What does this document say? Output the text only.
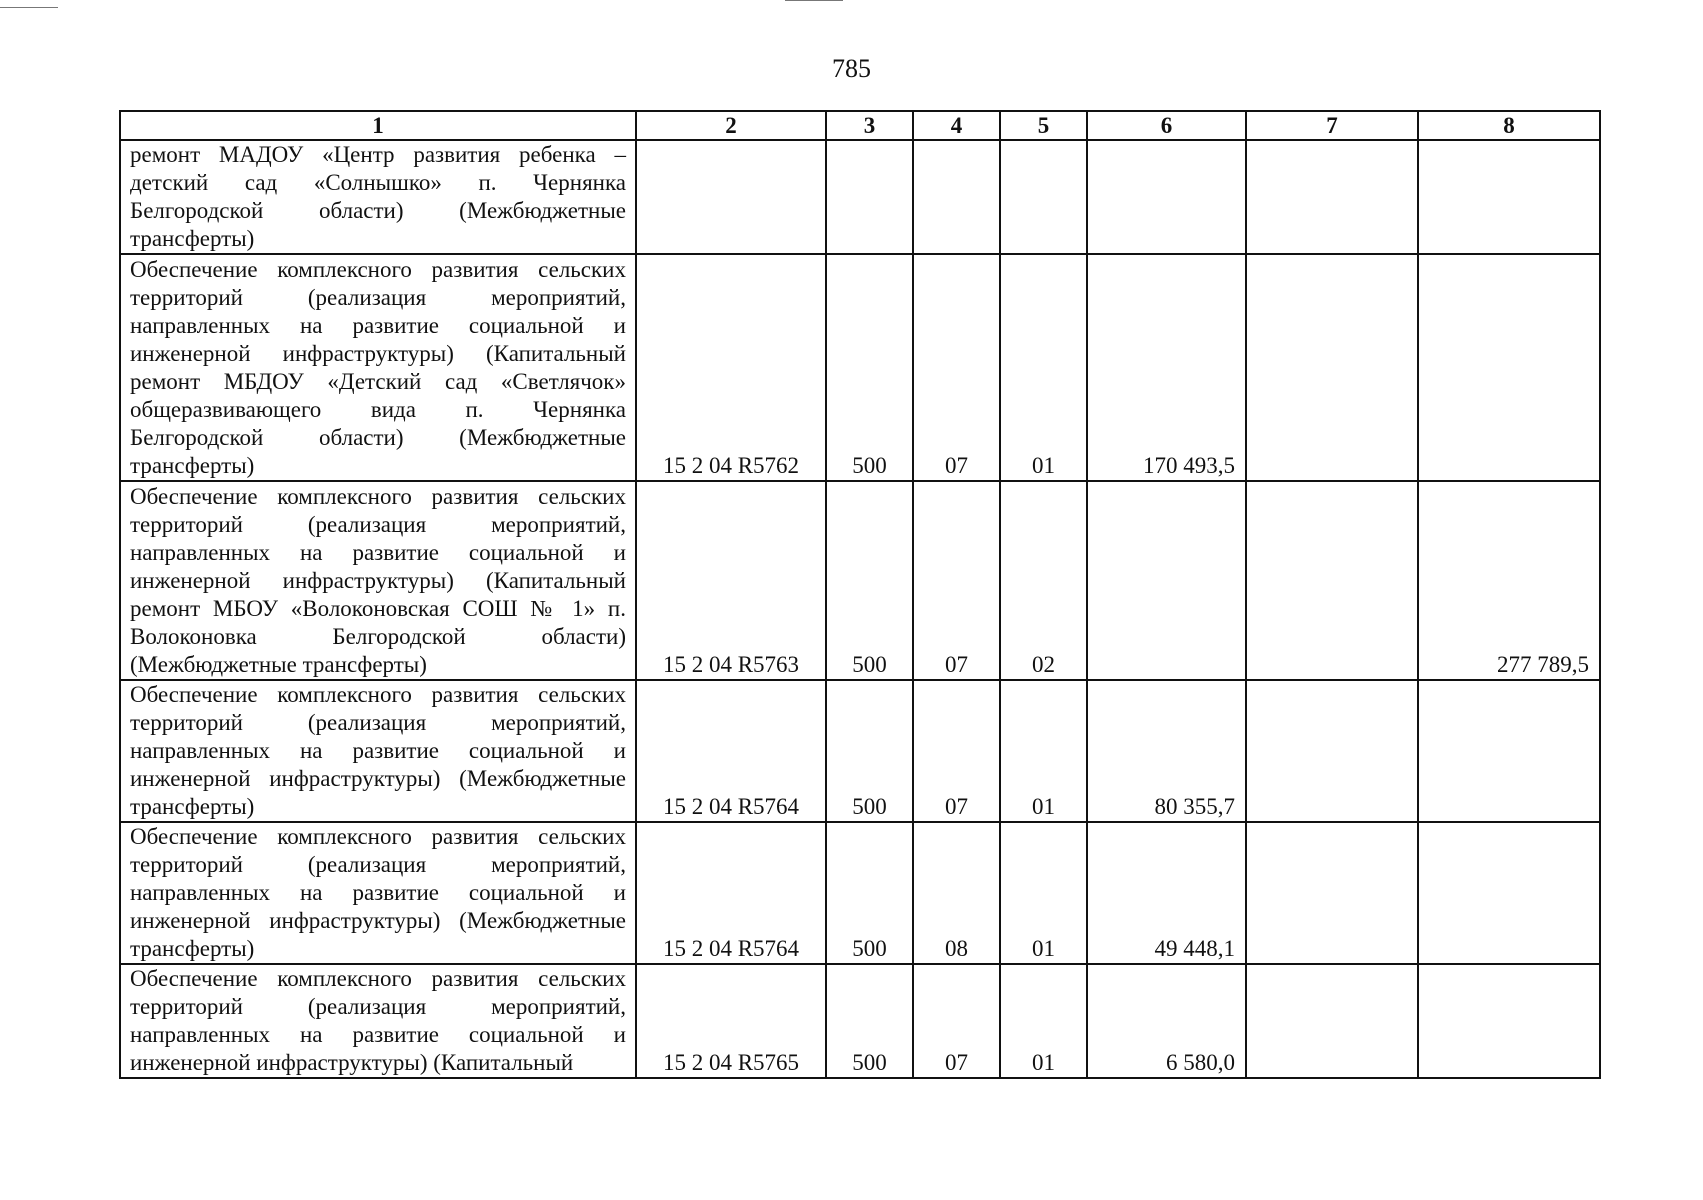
785
1	2	3	4	5	6	7	8
ремонт МАДОУ «Центр развития ребенка – детский сад «Солнышко» п. Чернянка Белгородской области) (Межбюджетные трансферты)							
Обеспечение комплексного развития сельских территорий (реализация мероприятий, направленных на развитие социальной и инженерной инфраструктуры) (Капитальный ремонт МБДОУ «Детский сад «Светлячок» общеразвивающего вида п. Чернянка Белгородской области) (Межбюджетные трансферты)	15 2 04 R5762	500	07	01	170 493,5		
Обеспечение комплексного развития сельских территорий (реализация мероприятий, направленных на развитие социальной и инженерной инфраструктуры) (Капитальный ремонт МБОУ «Волоконовская СОШ № 1» п. Волоконовка Белгородской области) (Межбюджетные трансферты)	15 2 04 R5763	500	07	02			277 789,5
Обеспечение комплексного развития сельских территорий (реализация мероприятий, направленных на развитие социальной и инженерной инфраструктуры) (Межбюджетные трансферты)	15 2 04 R5764	500	07	01	80 355,7		
Обеспечение комплексного развития сельских территорий (реализация мероприятий, направленных на развитие социальной и инженерной инфраструктуры) (Межбюджетные трансферты)	15 2 04 R5764	500	08	01	49 448,1		
Обеспечение комплексного развития сельских территорий (реализация мероприятий, направленных на развитие социальной и инженерной инфраструктуры) (Капитальный	15 2 04 R5765	500	07	01	6 580,0		
